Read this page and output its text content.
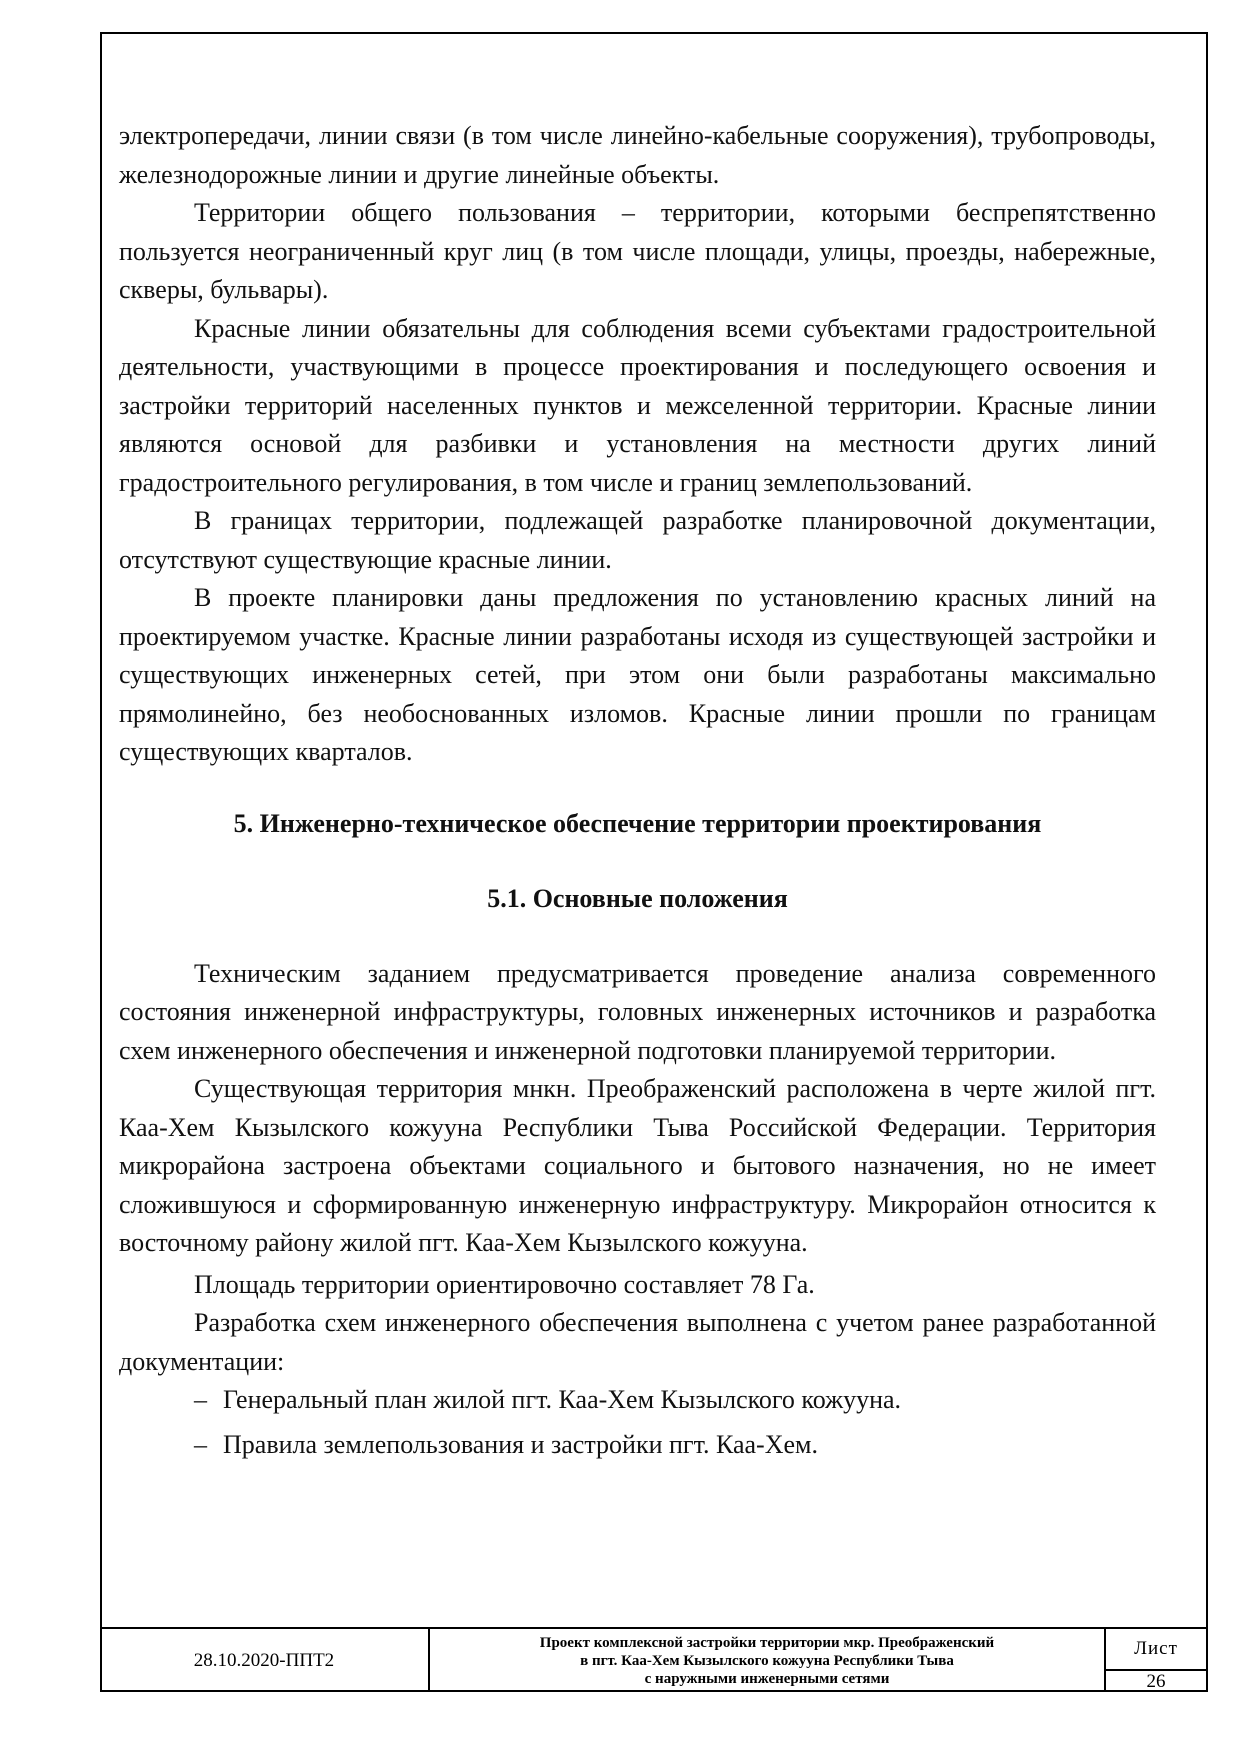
электропередачи, линии связи (в том числе линейно-кабельные сооружения), трубопроводы, железнодорожные линии и другие линейные объекты.

Территории общего пользования – территории, которыми беспрепятственно пользуется неограниченный круг лиц (в том числе площади, улицы, проезды, набережные, скверы, бульвары).

Красные линии обязательны для соблюдения всеми субъектами градостроительной деятельности, участвующими в процессе проектирования и последующего освоения и застройки территорий населенных пунктов и межселенной территории. Красные линии являются основой для разбивки и установления на местности других линий градостроительного регулирования, в том числе и границ землепользований.

В границах территории, подлежащей разработке планировочной документации, отсутствуют существующие красные линии.

В проекте планировки даны предложения по установлению красных линий на проектируемом участке. Красные линии разработаны исходя из существующей застройки и существующих инженерных сетей, при этом они были разработаны максимально прямолинейно, без необоснованных изломов. Красные линии прошли по границам существующих кварталов.

5. Инженерно-техническое обеспечение территории проектирования

5.1. Основные положения

Техническим заданием предусматривается проведение анализа современного состояния инженерной инфраструктуры, головных инженерных источников и разработка схем инженерного обеспечения и инженерной подготовки планируемой территории.

Существующая территория мнкн. Преображенский расположена в черте жилой пгт. Каа-Хем Кызылского кожууна Республики Тыва Российской Федерации. Территория микрорайона застроена объектами социального и бытового назначения, но не имеет сложившуюся и сформированную инженерную инфраструктуру. Микрорайон относится к восточному району жилой пгт. Каа-Хем Кызылского кожууна.

Площадь территории ориентировочно составляет 78 Га.

Разработка схем инженерного обеспечения выполнена с учетом ранее разработанной документации:

– Генеральный план жилой пгт. Каа-Хем Кызылского кожууна.
– Правила землепользования и застройки пгт. Каа-Хем.
28.10.2020-ППТ2
Проект комплексной застройки территории мкр. Преображенский
в пгт. Каа-Хем Кызылского кожууна Республики Тыва
с наружными инженерными сетями
Лист
26
